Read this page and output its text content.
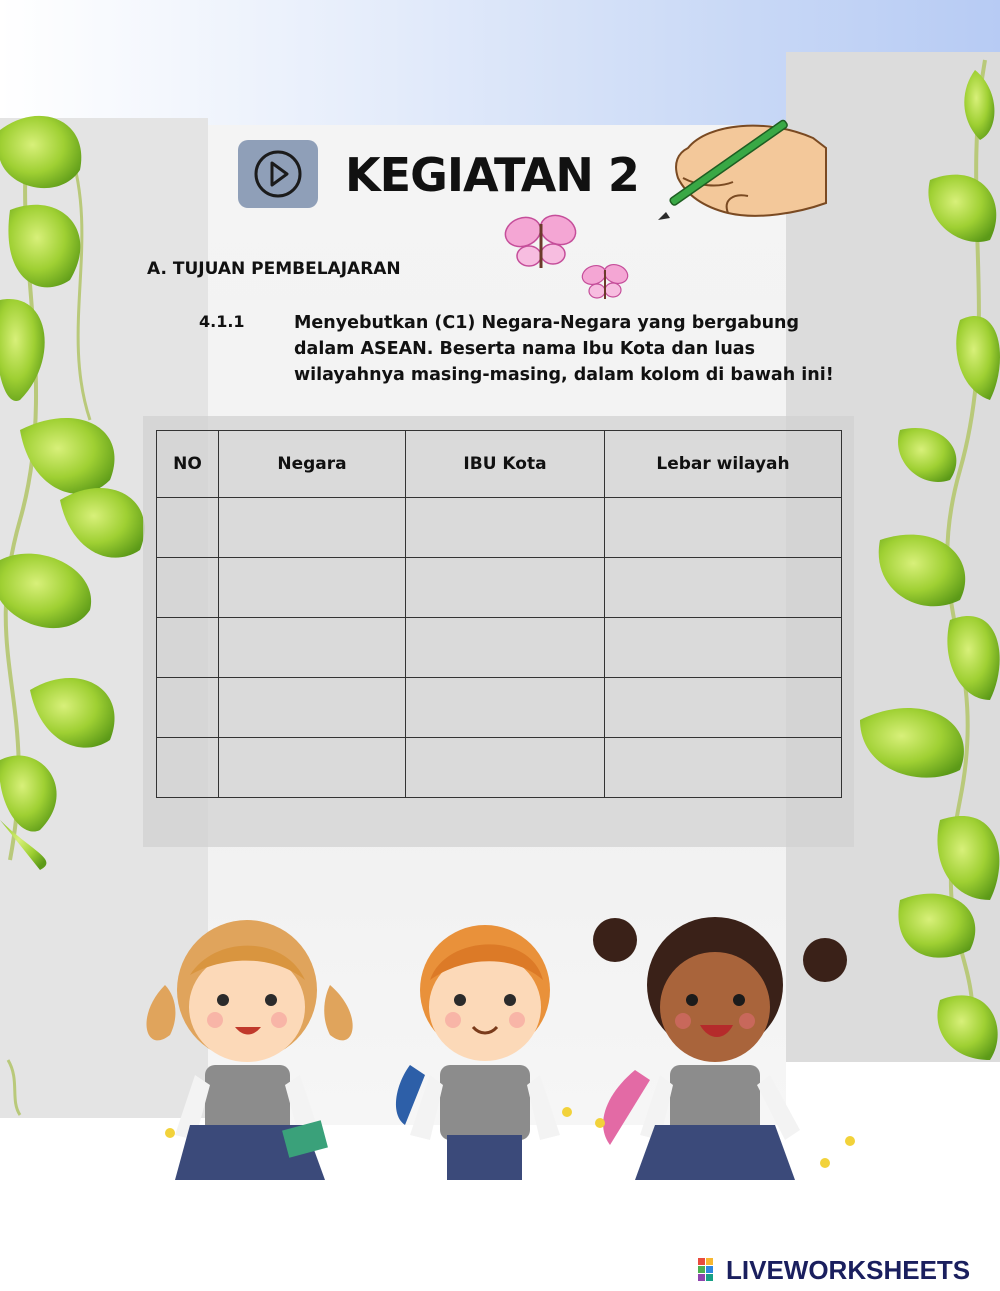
KEGIATAN 2
A. TUJUAN PEMBELAJARAN
4.1.1	Menyebutkan (C1) Negara-Negara yang bergabung
dalam ASEAN. Beserta nama Ibu Kota dan luas
wilayahnya masing-masing, dalam kolom di bawah ini!
NO	Negara	IBU Kota	Lebar wilayah

LIVEWORKSHEETS
